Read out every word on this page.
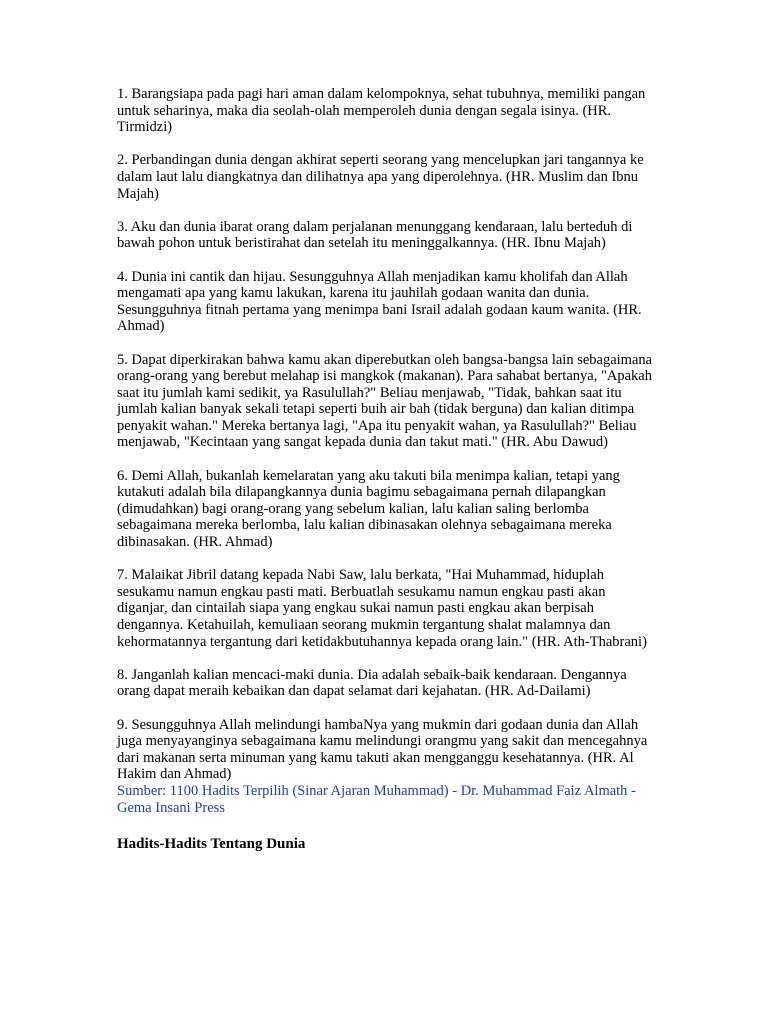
1. Barangsiapa pada pagi hari aman dalam kelompoknya, sehat tubuhnya, memiliki pangan untuk seharinya, maka dia seolah-olah memperoleh dunia dengan segala isinya. (HR. Tirmidzi)

2. Perbandingan dunia dengan akhirat seperti seorang yang mencelupkan jari tangannya ke dalam laut lalu diangkatnya dan dilihatnya apa yang diperolehnya. (HR. Muslim dan Ibnu Majah)

3. Aku dan dunia ibarat orang dalam perjalanan menunggang kendaraan, lalu berteduh di bawah pohon untuk beristirahat dan setelah itu meninggalkannya. (HR. Ibnu Majah)

4. Dunia ini cantik dan hijau. Sesungguhnya Allah menjadikan kamu kholifah dan Allah mengamati apa yang kamu lakukan, karena itu jauhilah godaan wanita dan dunia. Sesungguhnya fitnah pertama yang menimpa bani Israil adalah godaan kaum wanita. (HR. Ahmad)

5. Dapat diperkirakan bahwa kamu akan diperebutkan oleh bangsa-bangsa lain sebagaimana orang-orang yang berebut melahap isi mangkok (makanan). Para sahabat bertanya, "Apakah saat itu jumlah kami sedikit, ya Rasulullah?" Beliau menjawab, "Tidak, bahkan saat itu jumlah kalian banyak sekali tetapi seperti buih air bah (tidak berguna) dan kalian ditimpa penyakit wahan." Mereka bertanya lagi, "Apa itu penyakit wahan, ya Rasulullah?" Beliau menjawab, "Kecintaan yang sangat kepada dunia dan takut mati." (HR. Abu Dawud)

6. Demi Allah, bukanlah kemelaratan yang aku takuti bila menimpa kalian, tetapi yang kutakuti adalah bila dilapangkannya dunia bagimu sebagaimana pernah dilapangkan (dimudahkan) bagi orang-orang yang sebelum kalian, lalu kalian saling berlomba sebagaimana mereka berlomba, lalu kalian dibinasakan olehnya sebagaimana mereka dibinasakan. (HR. Ahmad)

7. Malaikat Jibril datang kepada Nabi Saw, lalu berkata, "Hai Muhammad, hiduplah sesukamu namun engkau pasti mati. Berbuatlah sesukamu namun engkau pasti akan diganjar, dan cintailah siapa yang engkau sukai namun pasti engkau akan berpisah dengannya. Ketahuilah, kemuliaan seorang mukmin tergantung shalat malamnya dan kehormatannya tergantung dari ketidakbutuhannya kepada orang lain." (HR. Ath-Thabrani)

8. Janganlah kalian mencaci-maki dunia. Dia adalah sebaik-baik kendaraan. Dengannya orang dapat meraih kebaikan dan dapat selamat dari kejahatan. (HR. Ad-Dailami)

9. Sesungguhnya Allah melindungi hambaNya yang mukmin dari godaan dunia dan Allah juga menyayanginya sebagaimana kamu melindungi orangmu yang sakit dan mencegahnya dari makanan serta minuman yang kamu takuti akan mengganggu kesehatannya. (HR. Al Hakim dan Ahmad)

Sumber: 1100 Hadits Terpilih (Sinar Ajaran Muhammad) - Dr. Muhammad Faiz Almath - Gema Insani Press

Hadits-Hadits Tentang Dunia
